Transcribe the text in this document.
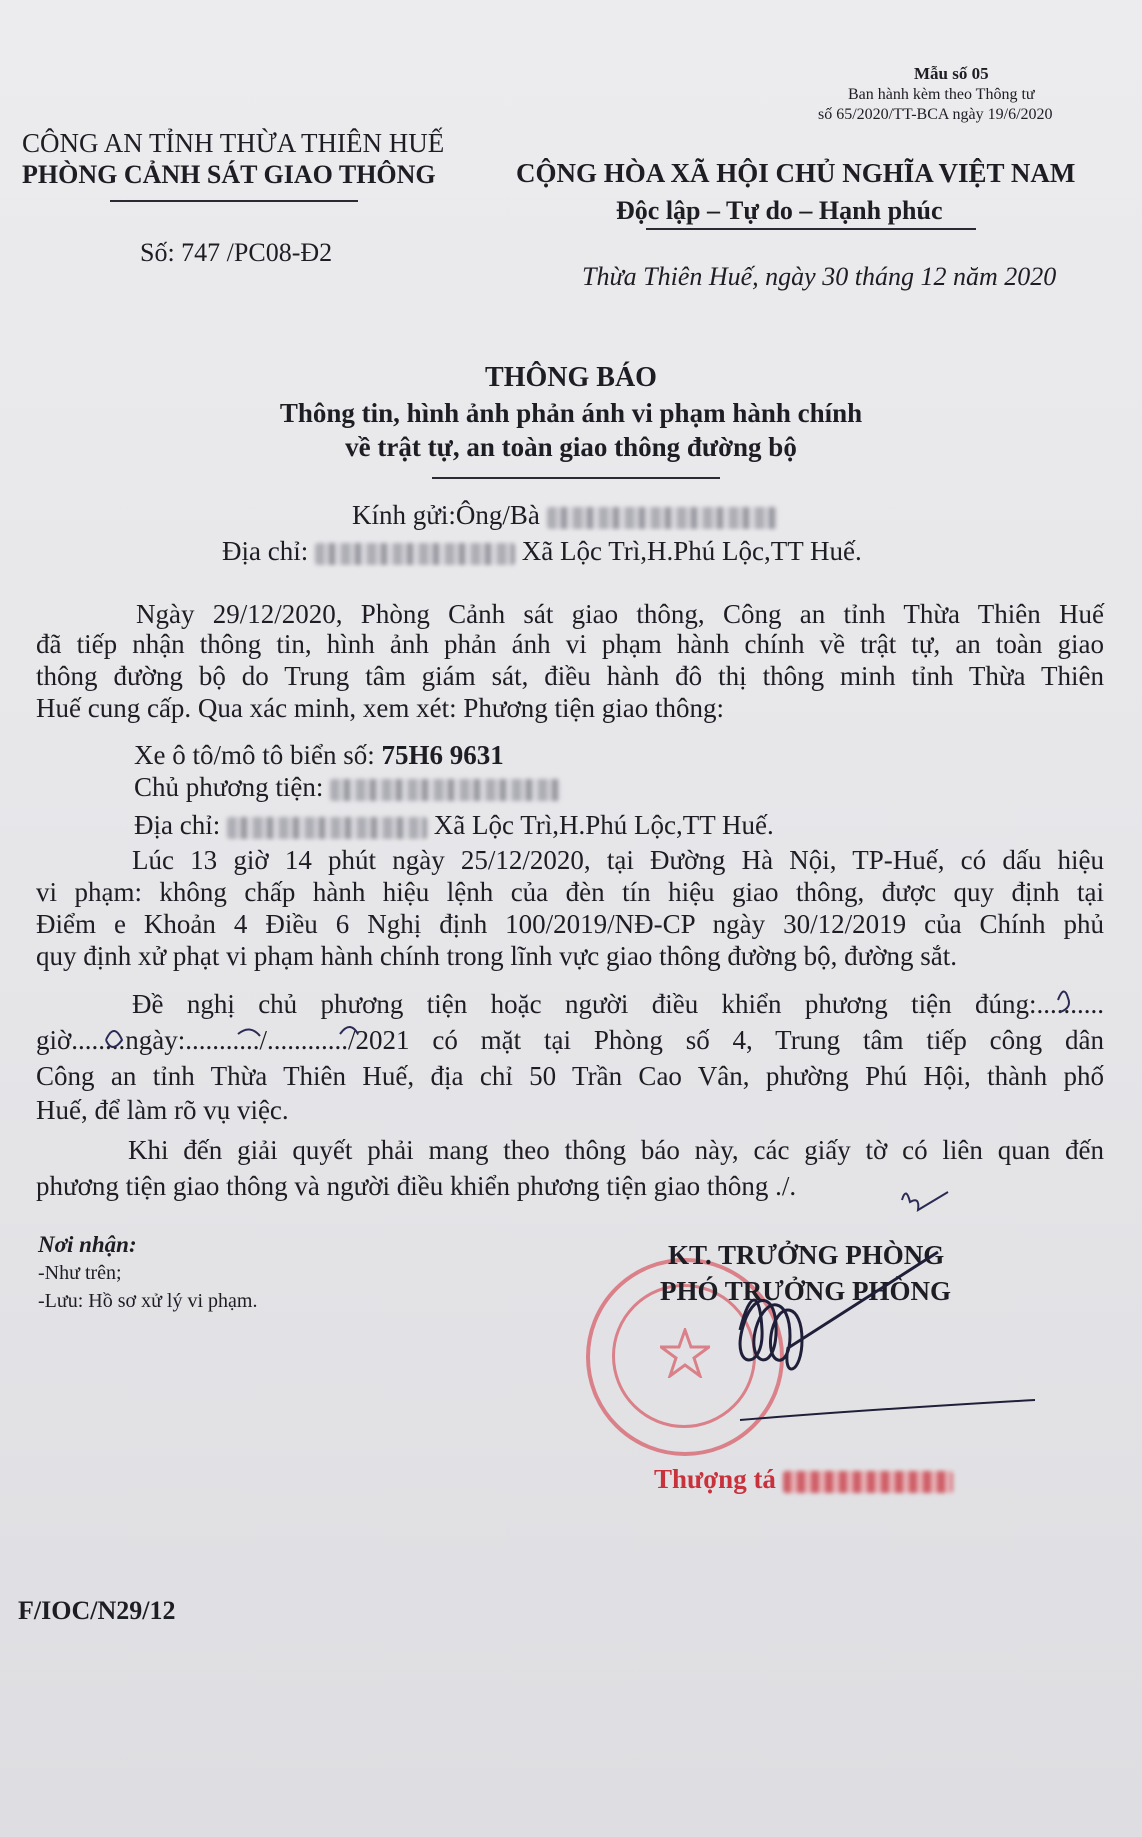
Mẫu số 05
Ban hành kèm theo Thông tư
số 65/2020/TT-BCA ngày 19/6/2020
CÔNG AN TỈNH THỪA THIÊN HUẾ
PHÒNG CẢNH SÁT GIAO THÔNG
Số: 747 /PC08-Đ2
CỘNG HÒA XÃ HỘI CHỦ NGHĨA VIỆT NAM
Độc lập – Tự do – Hạnh phúc
Thừa Thiên Huế, ngày 30 tháng 12 năm 2020
THÔNG BÁO
Thông tin, hình ảnh phản ánh vi phạm hành chính
về trật tự, an toàn giao thông đường bộ
Kính gửi:Ông/Bà
Địa chỉ:	Xã Lộc Trì,H.Phú Lộc,TT Huế.
Ngày 29/12/2020, Phòng Cảnh sát giao thông, Công an tỉnh Thừa Thiên Huế
đã tiếp nhận thông tin, hình ảnh phản ánh vi phạm hành chính về trật tự, an toàn giao
thông đường bộ do Trung tâm giám sát, điều hành đô thị thông minh tỉnh Thừa Thiên
Huế cung cấp. Qua xác minh, xem xét: Phương tiện giao thông:
Xe ô tô/mô tô biển số: 75H6 9631
Chủ phương tiện:
Địa chỉ:	Xã Lộc Trì,H.Phú Lộc,TT Huế.
Lúc 13 giờ 14 phút ngày 25/12/2020, tại Đường Hà Nội, TP-Huế, có dấu hiệu
vi phạm: không chấp hành hiệu lệnh của đèn tín hiệu giao thông, được quy định tại
Điểm e Khoản 4 Điều 6 Nghị định 100/2019/NĐ-CP ngày 30/12/2019 của Chính phủ
quy định xử phạt vi phạm hành chính trong lĩnh vực giao thông đường bộ, đường sắt.
Đề nghị chủ phương tiện hoặc người điều khiển phương tiện đúng:..........
giờ........ngày:.........../............/2021 có mặt tại Phòng số 4, Trung tâm tiếp công dân
Công an tỉnh Thừa Thiên Huế, địa chỉ 50 Trần Cao Vân, phường Phú Hội, thành phố
Huế, để làm rõ vụ việc.
Khi đến giải quyết phải mang theo thông báo này, các giấy tờ có liên quan đến
phương tiện giao thông và người điều khiển phương tiện giao thông ./.
Nơi nhận:
-Như trên;
-Lưu: Hồ sơ xử lý vi phạm.
KT. TRƯỞNG PHÒNG
PHÓ TRƯỞNG PHÒNG
Thượng tá
F/IOC/N29/12
